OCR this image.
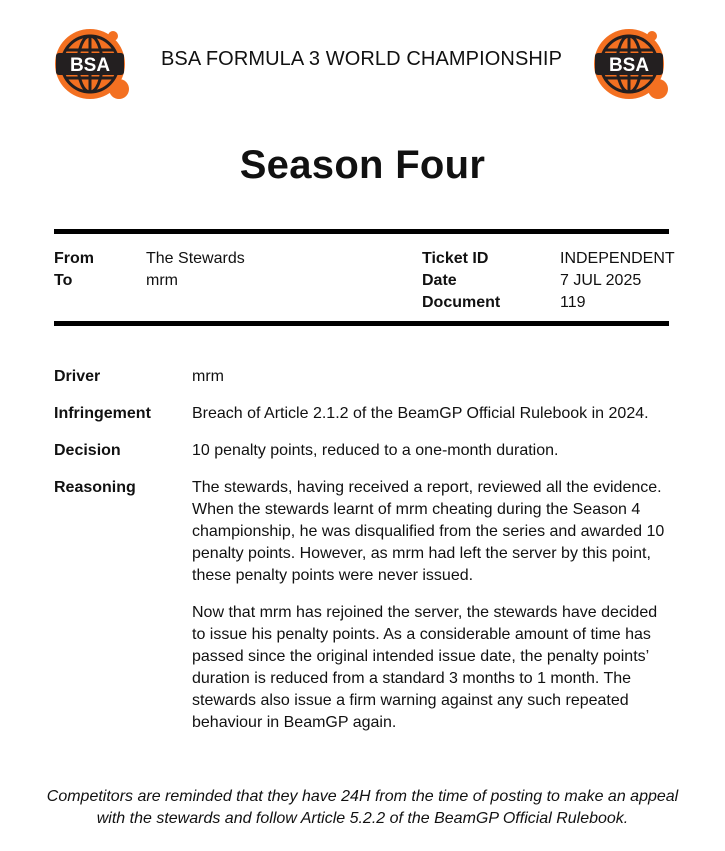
BSA	BSA FORMULA 3 WORLD CHAMPIONSHIP	BSA
Season Four
From	The Stewards
To	mrm
Ticket ID	INDEPENDENT
Date	7 JUL 2025
Document	119
Driver	mrm
Infringement	Breach of Article 2.1.2 of the BeamGP Official Rulebook in 2024.
Decision	10 penalty points, reduced to a one-month duration.
Reasoning	The stewards, having received a report, reviewed all the evidence. When the stewards learnt of mrm cheating during the Season 4 championship, he was disqualified from the series and awarded 10 penalty points. However, as mrm had left the server by this point, these penalty points were never issued.

Now that mrm has rejoined the server, the stewards have decided to issue his penalty points. As a considerable amount of time has passed since the original intended issue date, the penalty points’ duration is reduced from a standard 3 months to 1 month. The stewards also issue a firm warning against any such repeated behaviour in BeamGP again.

Competitors are reminded that they have 24H from the time of posting to make an appeal with the stewards and follow Article 5.2.2 of the BeamGP Official Rulebook.
